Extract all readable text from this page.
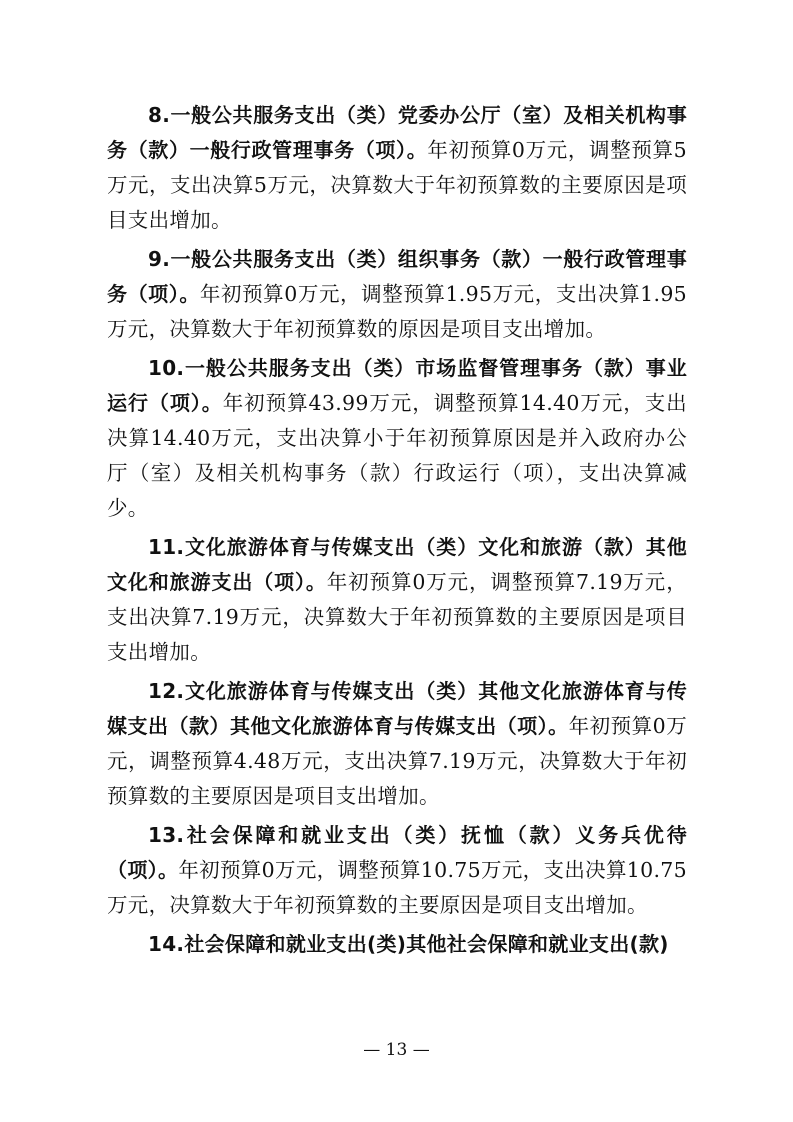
8.一般公共服务支出（类）党委办公厅（室）及相关机构事务（款）一般行政管理事务（项）。年初预算0万元，调整预算5万元，支出决算5万元，决算数大于年初预算数的主要原因是项目支出增加。

9.一般公共服务支出（类）组织事务（款）一般行政管理事务（项）。年初预算0万元，调整预算1.95万元，支出决算1.95万元，决算数大于年初预算数的原因是项目支出增加。

10.一般公共服务支出（类）市场监督管理事务（款）事业运行（项）。年初预算43.99万元，调整预算14.40万元，支出决算14.40万元，支出决算小于年初预算原因是并入政府办公厅（室）及相关机构事务（款）行政运行（项），支出决算减少。

11.文化旅游体育与传媒支出（类）文化和旅游（款）其他文化和旅游支出（项）。年初预算0万元，调整预算7.19万元，支出决算7.19万元，决算数大于年初预算数的主要原因是项目支出增加。

12.文化旅游体育与传媒支出（类）其他文化旅游体育与传媒支出（款）其他文化旅游体育与传媒支出（项）。年初预算0万元，调整预算4.48万元，支出决算7.19万元，决算数大于年初预算数的主要原因是项目支出增加。

13.社会保障和就业支出（类）抚恤（款）义务兵优待（项）。年初预算0万元，调整预算10.75万元，支出决算10.75万元，决算数大于年初预算数的主要原因是项目支出增加。

14.社会保障和就业支出(类)其他社会保障和就业支出(款)

— 13 —
